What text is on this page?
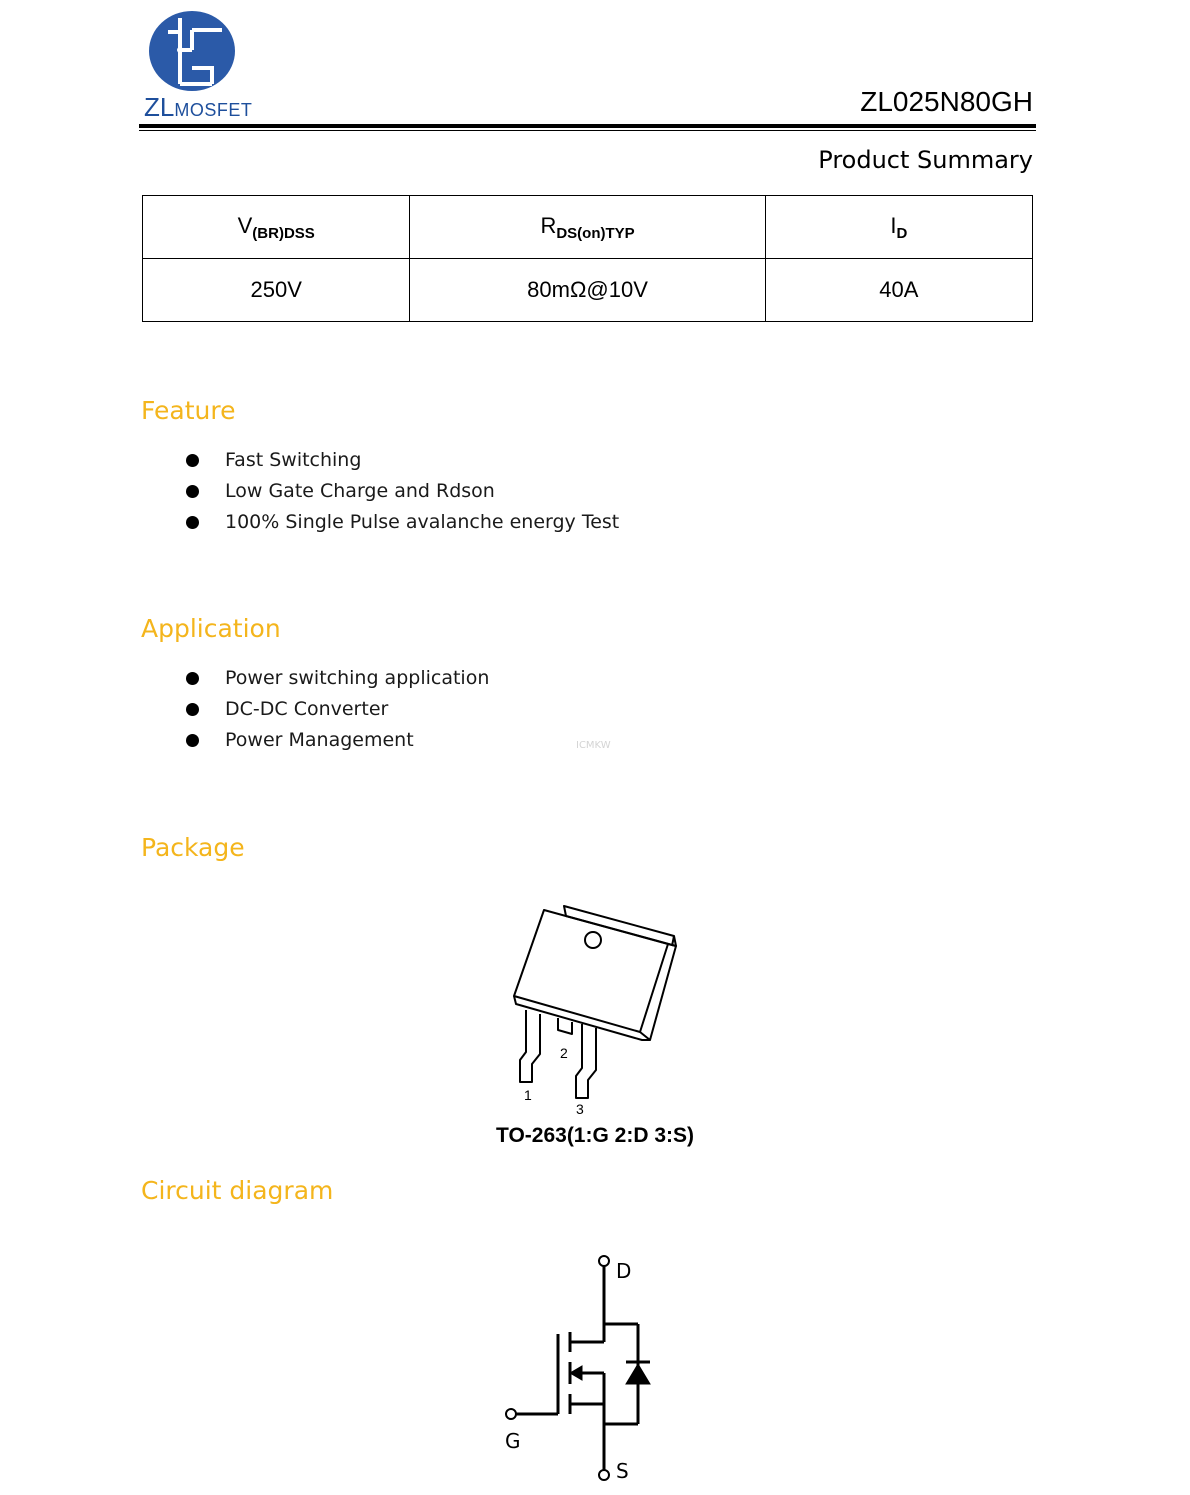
ZLMOSFET	ZL025N80GH
Product Summary
$V_{(BR)DSS}$	$R_{DS(on)TYP}$	$I_D$
250V	80mΩ@10V	40A
Feature
Fast Switching
Low Gate Charge and Rdson
100% Single Pulse avalanche energy Test
Application
Power switching application
DC-DC Converter
Power Management	ICMKW
Package
1
2
3
TO-263(1:G 2:D 3:S)
Circuit diagram
D
G
S
